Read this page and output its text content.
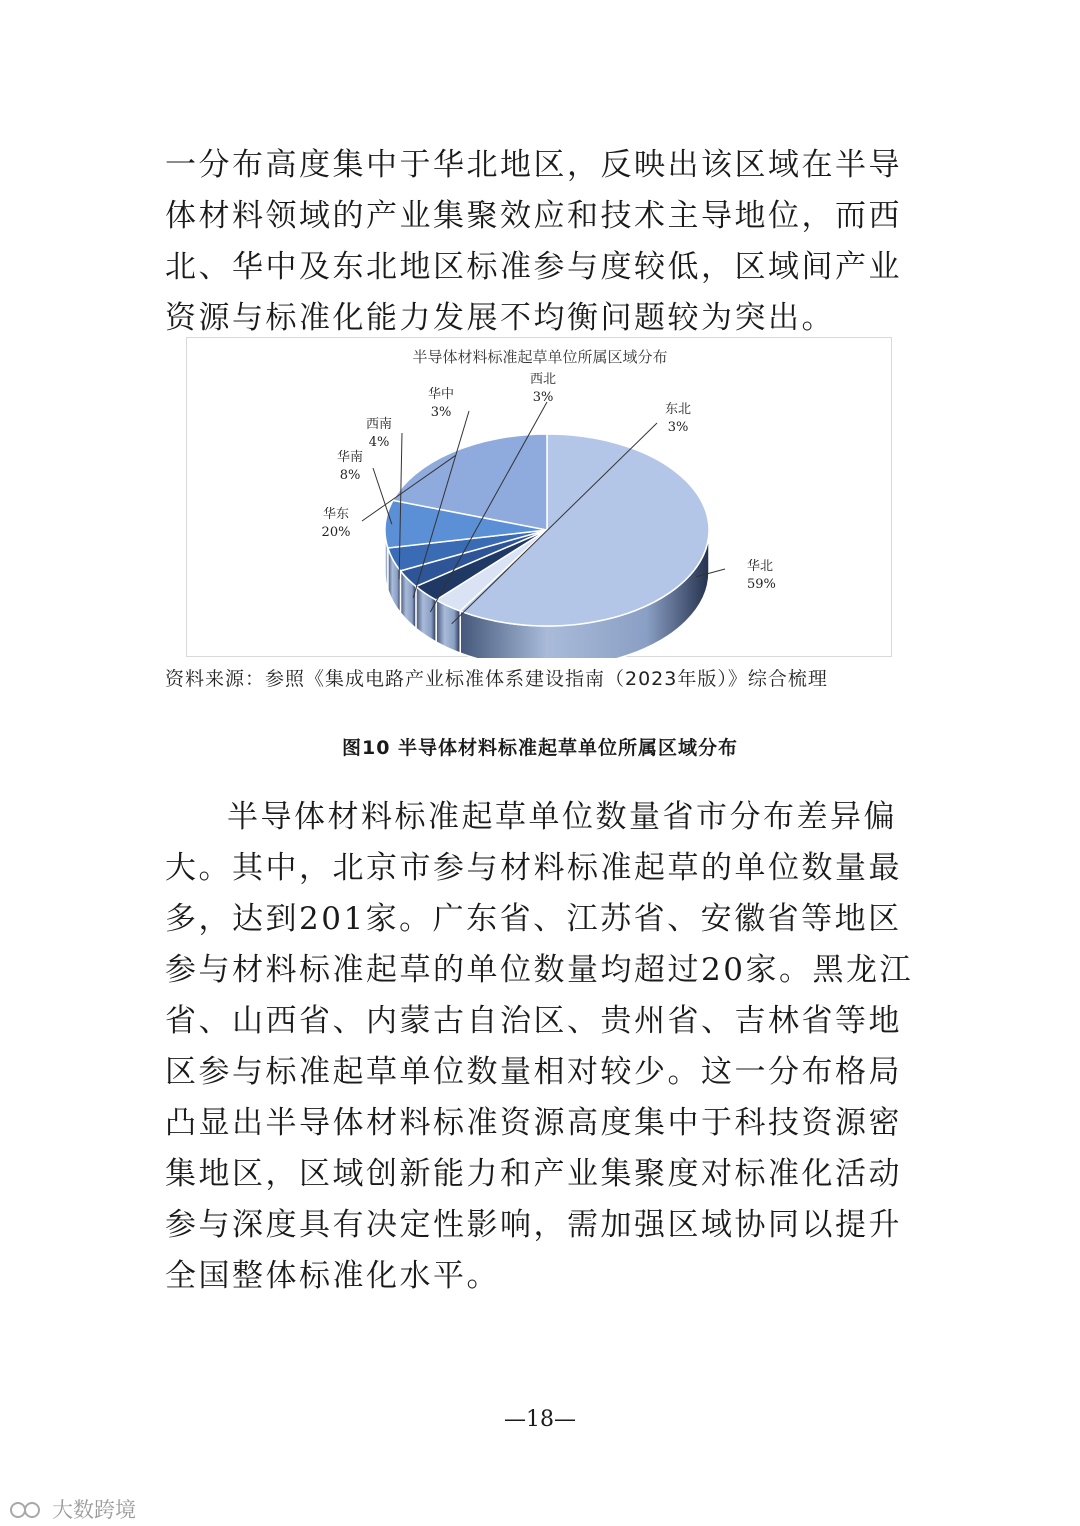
一分布高度集中于华北地区，反映出该区域在半导体材料领域的产业集聚效应和技术主导地位，而西北、华中及东北地区标准参与度较低，区域间产业资源与标准化能力发展不均衡问题较为突出。

半导体材料标准起草单位所属区域分布
华北
59%
东北
3%
西北
3%
华中
3%
西南
4%
华南
8%
华东
20%
资料来源：参照《集成电路产业标准体系建设指南（2023年版）》综合梳理
图10 半导体材料标准起草单位所属区域分布

半导体材料标准起草单位数量省市分布差异偏大。其中，北京市参与材料标准起草的单位数量最多，达到201家。广东省、江苏省、安徽省等地区参与材料标准起草的单位数量均超过20家。黑龙江省、山西省、内蒙古自治区、贵州省、吉林省等地区参与标准起草单位数量相对较少。这一分布格局凸显出半导体材料标准资源高度集中于科技资源密集地区，区域创新能力和产业集聚度对标准化活动参与深度具有决定性影响，需加强区域协同以提升全国整体标准化水平。

—18—
大数跨境
